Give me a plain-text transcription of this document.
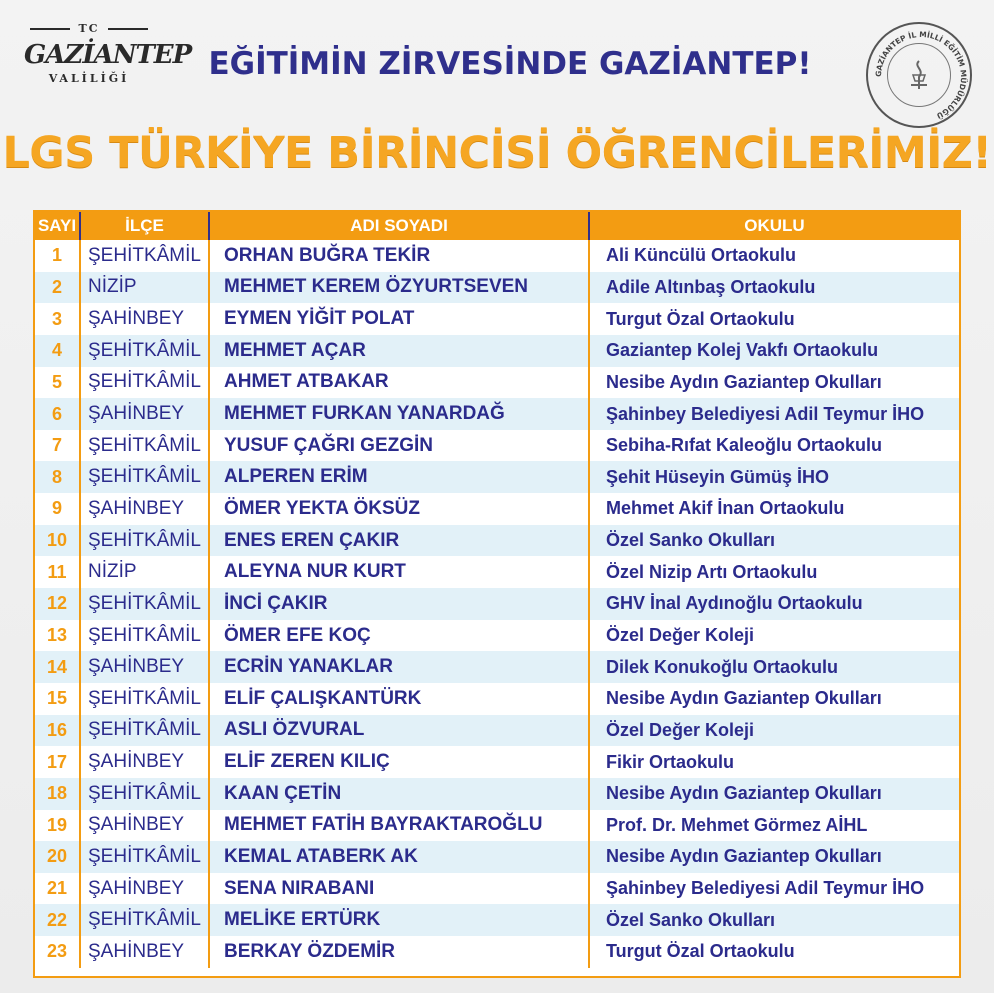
TC
GAZİANTEP
VALİLİĞİ	EĞİTİMİN ZİRVESİNDE GAZİANTEP!	GAZİANTEP İL MİLLİ EĞİTİM MÜDÜRLÜĞÜ
LGS TÜRKİYE BİRİNCİSİ ÖĞRENCİLERİMİZ!
SAYI	İLÇE	ADI SOYADI	OKULU
1	ŞEHİTKÂMİL	ORHAN BUĞRA TEKİR	Ali Küncülü Ortaokulu
2	NİZİP	MEHMET KEREM ÖZYURTSEVEN	Adile Altınbaş Ortaokulu
3	ŞAHİNBEY	EYMEN YİĞİT POLAT	Turgut Özal Ortaokulu
4	ŞEHİTKÂMİL	MEHMET AÇAR	Gaziantep Kolej Vakfı Ortaokulu
5	ŞEHİTKÂMİL	AHMET ATBAKAR	Nesibe Aydın Gaziantep Okulları
6	ŞAHİNBEY	MEHMET FURKAN YANARDAĞ	Şahinbey Belediyesi Adil Teymur İHO
7	ŞEHİTKÂMİL	YUSUF ÇAĞRI GEZGİN	Sebiha-Rıfat Kaleoğlu Ortaokulu
8	ŞEHİTKÂMİL	ALPEREN ERİM	Şehit Hüseyin Gümüş İHO
9	ŞAHİNBEY	ÖMER YEKTA ÖKSÜZ	Mehmet Akif İnan Ortaokulu
10	ŞEHİTKÂMİL	ENES EREN ÇAKIR	Özel Sanko Okulları
11	NİZİP	ALEYNA NUR KURT	Özel Nizip Artı Ortaokulu
12	ŞEHİTKÂMİL	İNCİ ÇAKIR	GHV İnal Aydınoğlu Ortaokulu
13	ŞEHİTKÂMİL	ÖMER EFE KOÇ	Özel Değer Koleji
14	ŞAHİNBEY	ECRİN YANAKLAR	Dilek Konukoğlu Ortaokulu
15	ŞEHİTKÂMİL	ELİF ÇALIŞKANTÜRK	Nesibe Aydın Gaziantep Okulları
16	ŞEHİTKÂMİL	ASLI ÖZVURAL	Özel Değer Koleji
17	ŞAHİNBEY	ELİF ZEREN KILIÇ	Fikir Ortaokulu
18	ŞEHİTKÂMİL	KAAN ÇETİN	Nesibe Aydın Gaziantep Okulları
19	ŞAHİNBEY	MEHMET FATİH BAYRAKTAROĞLU	Prof. Dr. Mehmet Görmez AİHL
20	ŞEHİTKÂMİL	KEMAL ATABERK AK	Nesibe Aydın Gaziantep Okulları
21	ŞAHİNBEY	SENA NIRABANI	Şahinbey Belediyesi Adil Teymur İHO
22	ŞEHİTKÂMİL	MELİKE ERTÜRK	Özel Sanko Okulları
23	ŞAHİNBEY	BERKAY ÖZDEMİR	Turgut Özal Ortaokulu
